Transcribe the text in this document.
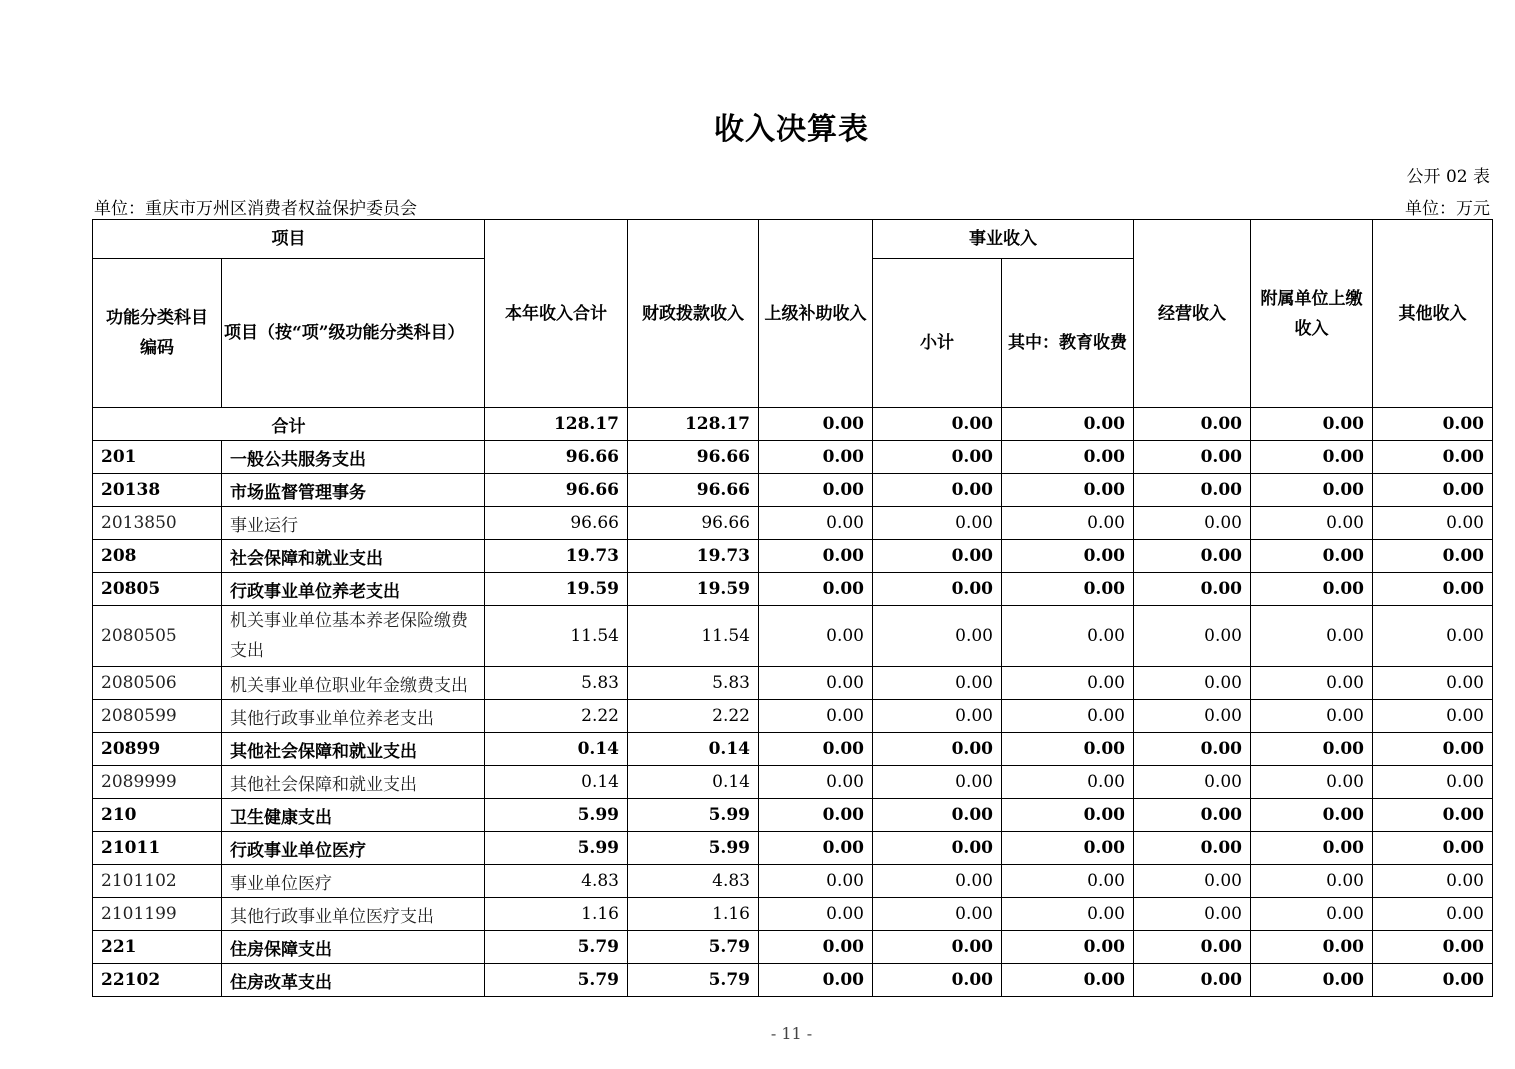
收入决算表
公开 02 表
单位：重庆市万州区消费者权益保护委员会	单位：万元
项目		本年收入合计	财政拨款收入	上级补助收入	事业收入		经营收入	附属单位上缴收入	其他收入
功能分类科目编码	项目（按“项”级功能分类科目）				小计	其中：教育收费			
合计		128.17	128.17	0.00	0.00	0.00	0.00	0.00	0.00
201	一般公共服务支出	96.66	96.66	0.00	0.00	0.00	0.00	0.00	0.00
20138	市场监督管理事务	96.66	96.66	0.00	0.00	0.00	0.00	0.00	0.00
2013850	事业运行	96.66	96.66	0.00	0.00	0.00	0.00	0.00	0.00
208	社会保障和就业支出	19.73	19.73	0.00	0.00	0.00	0.00	0.00	0.00
20805	行政事业单位养老支出	19.59	19.59	0.00	0.00	0.00	0.00	0.00	0.00
2080505	机关事业单位基本养老保险缴费支出	11.54	11.54	0.00	0.00	0.00	0.00	0.00	0.00
2080506	机关事业单位职业年金缴费支出	5.83	5.83	0.00	0.00	0.00	0.00	0.00	0.00
2080599	其他行政事业单位养老支出	2.22	2.22	0.00	0.00	0.00	0.00	0.00	0.00
20899	其他社会保障和就业支出	0.14	0.14	0.00	0.00	0.00	0.00	0.00	0.00
2089999	其他社会保障和就业支出	0.14	0.14	0.00	0.00	0.00	0.00	0.00	0.00
210	卫生健康支出	5.99	5.99	0.00	0.00	0.00	0.00	0.00	0.00
21011	行政事业单位医疗	5.99	5.99	0.00	0.00	0.00	0.00	0.00	0.00
2101102	事业单位医疗	4.83	4.83	0.00	0.00	0.00	0.00	0.00	0.00
2101199	其他行政事业单位医疗支出	1.16	1.16	0.00	0.00	0.00	0.00	0.00	0.00
221	住房保障支出	5.79	5.79	0.00	0.00	0.00	0.00	0.00	0.00
22102	住房改革支出	5.79	5.79	0.00	0.00	0.00	0.00	0.00	0.00
- 11 -
